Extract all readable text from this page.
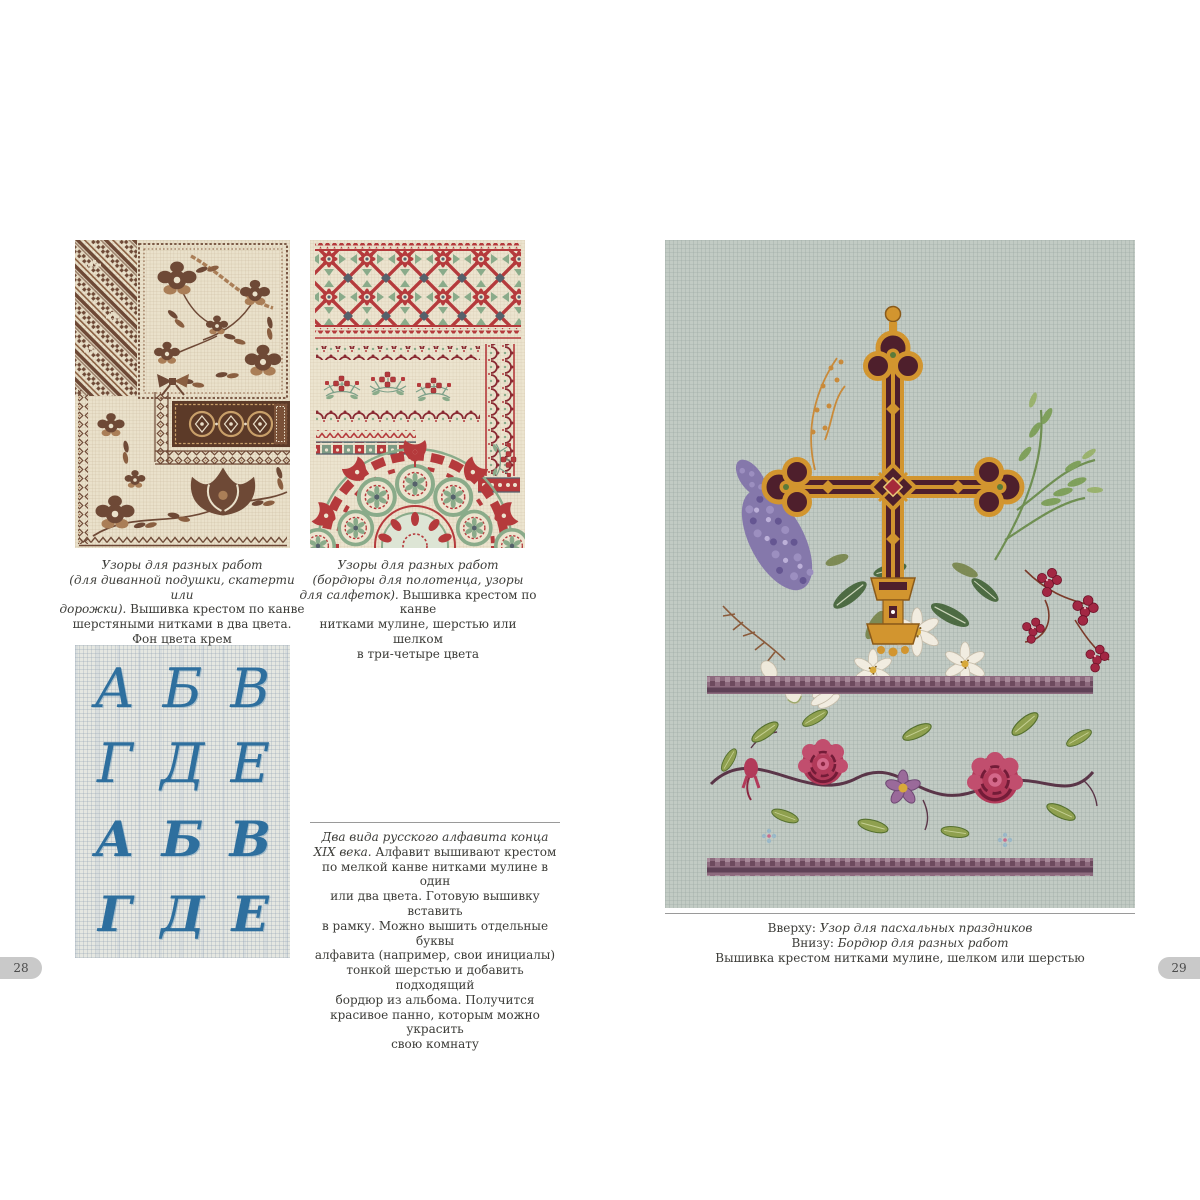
А Б В
Г Д Е
А Б В
Г Д Е
Узоры для разных работ
(для диванной подушки, скатерти или
дорожки). Вышивка крестом по канве
шерстяными нитками в два цвета.
Фон цвета крем
Узоры для разных работ
(бордюры для полотенца, узоры
для салфеток). Вышивка крестом по канве
нитками мулине, шерстью или шелком
в три-четыре цвета
Два вида русского алфавита конца
XIX века. Алфавит вышивают крестом
по мелкой канве нитками мулине в один
или два цвета. Готовую вышивку вставить
в рамку. Можно вышить отдельные буквы
алфавита (например, свои инициалы)
тонкой шерстью и добавить подходящий
бордюр из альбома. Получится
красивое панно, которым можно украсить
свою комнату
Вверху: Узор для пасхальных праздников
Внизу: Бордюр для разных работ
Вышивка крестом нитками мулине, шелком или шерстью
28	29
